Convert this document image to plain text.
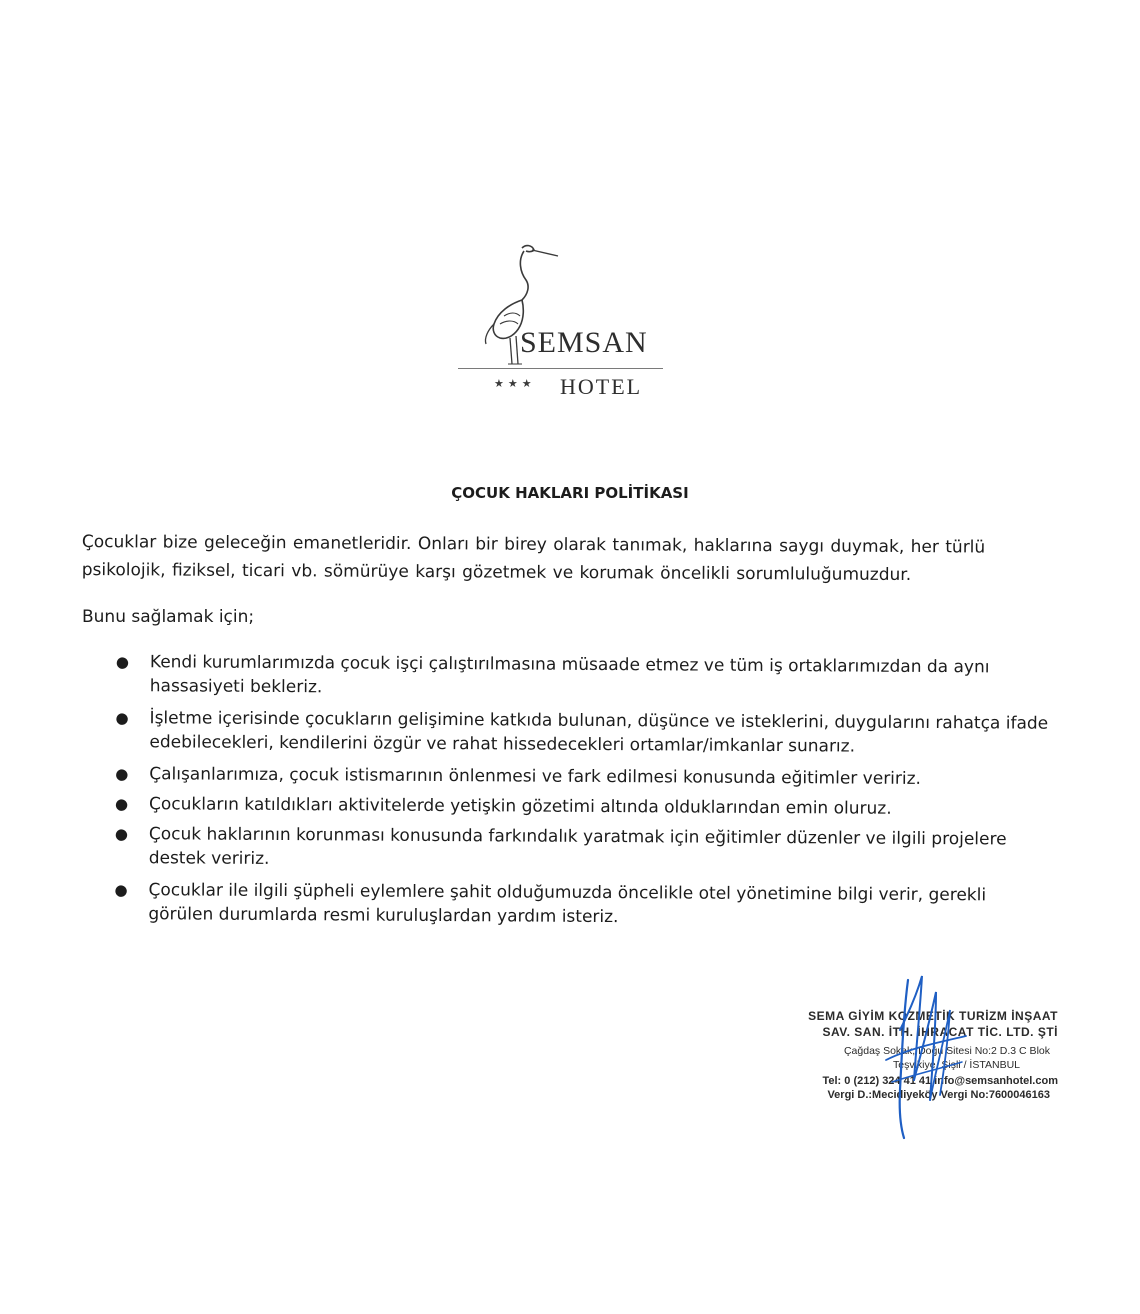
SEMSAN
★★★ HOTEL
ÇOCUK HAKLARI POLİTİKASI

Çocuklar bize geleceğin emanetleridir. Onları bir birey olarak tanımak, haklarına saygı duymak, her türlü psikolojik, fiziksel, ticari vb. sömürüye karşı gözetmek ve korumak öncelikli sorumluluğumuzdur.

Bunu sağlamak için;

● Kendi kurumlarımızda çocuk işçi çalıştırılmasına müsaade etmez ve tüm iş ortaklarımızdan da aynı hassasiyeti bekleriz.
● İşletme içerisinde çocukların gelişimine katkıda bulunan, düşünce ve isteklerini, duygularını rahatça ifade edebilecekleri, kendilerini özgür ve rahat hissedecekleri ortamlar/imkanlar sunarız.
● Çalışanlarımıza, çocuk istismarının önlenmesi ve fark edilmesi konusunda eğitimler veririz.
● Çocukların katıldıkları aktivitelerde yetişkin gözetimi altında olduklarından emin oluruz.
● Çocuk haklarının korunması konusunda farkındalık yaratmak için eğitimler düzenler ve ilgili projelere destek veririz.
● Çocuklar ile ilgili şüpheli eylemlere şahit olduğumuzda öncelikle otel yönetimine bilgi verir, gerekli görülen durumlarda resmi kuruluşlardan yardım isteriz.
SEMA GİYİM KOZMETİK TURİZM İNŞAAT
SAV. SAN. İTH. İHRACAT TİC. LTD. ŞTİ
Çağdaş Sokak, Doğu Sitesi No:2 D.3 C Blok
Teşvikiye, Şişli / İSTANBUL
Tel: 0 (212) 324 41 41 info@semsanhotel.com
Vergi D.:Mecidiyeköy Vergi No:7600046163
